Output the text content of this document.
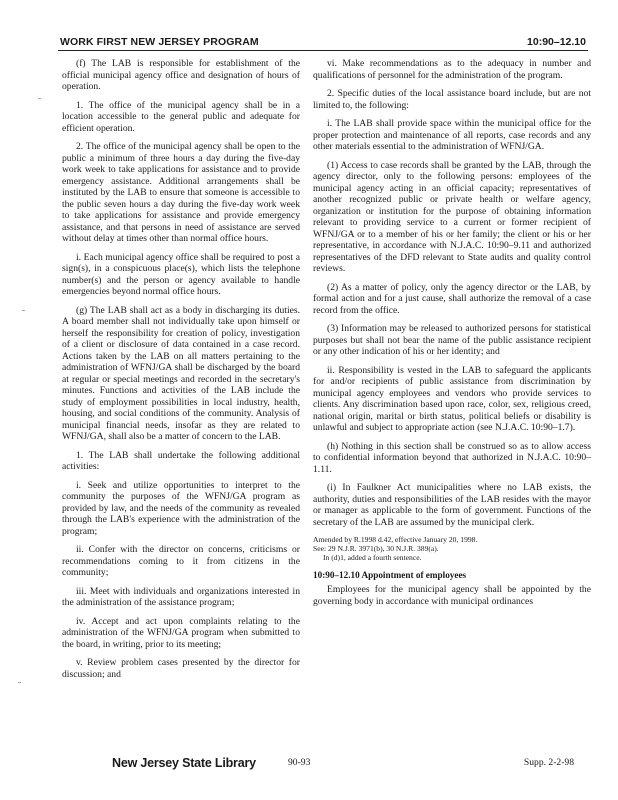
WORK FIRST NEW JERSEY PROGRAM	10:90–12.10

(f) The LAB is responsible for establishment of the official municipal agency office and designation of hours of operation.

1. The office of the municipal agency shall be in a location accessible to the general public and adequate for efficient operation.

2. The office of the municipal agency shall be open to the public a minimum of three hours a day during the five-day work week to take applications for assistance and to provide emergency assistance. Additional arrangements shall be instituted by the LAB to ensure that someone is accessible to the public seven hours a day during the five-day work week to take applications for assistance and provide emergency assistance, and that persons in need of assistance are served without delay at times other than normal office hours.

i. Each municipal agency office shall be required to post a sign(s), in a conspicuous place(s), which lists the telephone number(s) and the person or agency available to handle emergencies beyond normal office hours.

(g) The LAB shall act as a body in discharging its duties. A board member shall not individually take upon himself or herself the responsibility for creation of policy, investigation of a client or disclosure of data contained in a case record. Actions taken by the LAB on all matters pertaining to the administration of WFNJ/GA shall be discharged by the board at regular or special meetings and recorded in the secretary's minutes. Functions and activities of the LAB include the study of employment possibilities in local industry, health, housing, and social conditions of the community. Analysis of municipal financial needs, insofar as they are related to WFNJ/GA, shall also be a matter of concern to the LAB.

1. The LAB shall undertake the following additional activities:

i. Seek and utilize opportunities to interpret to the community the purposes of the WFNJ/GA program as provided by law, and the needs of the community as revealed through the LAB's experience with the administration of the program;

ii. Confer with the director on concerns, criticisms or recommendations coming to it from citizens in the community;

iii. Meet with individuals and organizations interested in the administration of the assistance program;

iv. Accept and act upon complaints relating to the administration of the WFNJ/GA program when submitted to the board, in writing, prior to its meeting;

v. Review problem cases presented by the director for discussion; and

vi. Make recommendations as to the adequacy in number and qualifications of personnel for the administration of the program.

2. Specific duties of the local assistance board include, but are not limited to, the following:

i. The LAB shall provide space within the municipal office for the proper protection and maintenance of all reports, case records and any other materials essential to the administration of WFNJ/GA.

(1) Access to case records shall be granted by the LAB, through the agency director, only to the following persons: employees of the municipal agency acting in an official capacity; representatives of another recognized public or private health or welfare agency, organization or institution for the purpose of obtaining information relevant to providing service to a current or former recipient of WFNJ/GA or to a member of his or her family; the client or his or her representative, in accordance with N.J.A.C. 10:90–9.11 and authorized representatives of the DFD relevant to State audits and quality control reviews.

(2) As a matter of policy, only the agency director or the LAB, by formal action and for a just cause, shall authorize the removal of a case record from the office.

(3) Information may be released to authorized persons for statistical purposes but shall not bear the name of the public assistance recipient or any other indication of his or her identity; and

ii. Responsibility is vested in the LAB to safeguard the applicants for and/or recipients of public assistance from discrimination by municipal agency employees and vendors who provide services to clients. Any discrimination based upon race, color, sex, religious creed, national origin, marital or birth status, political beliefs or disability is unlawful and subject to appropriate action (see N.J.A.C. 10:90–1.7).

(h) Nothing in this section shall be construed so as to allow access to confidential information beyond that authorized in N.J.A.C. 10:90–1.11.

(i) In Faulkner Act municipalities where no LAB exists, the authority, duties and responsibilities of the LAB resides with the mayor or manager as applicable to the form of government. Functions of the secretary of the LAB are assumed by the municipal clerk.

Amended by R.1998 d.42, effective January 20, 1998.

See: 29 N.J.R. 3971(b), 30 N.J.R. 389(a).

In (d)1, added a fourth sentence.

10:90–12.10 Appointment of employees

Employees for the municipal agency shall be appointed by the governing body in accordance with municipal ordinances

New Jersey State Library	90-93	Supp. 2-2-98
